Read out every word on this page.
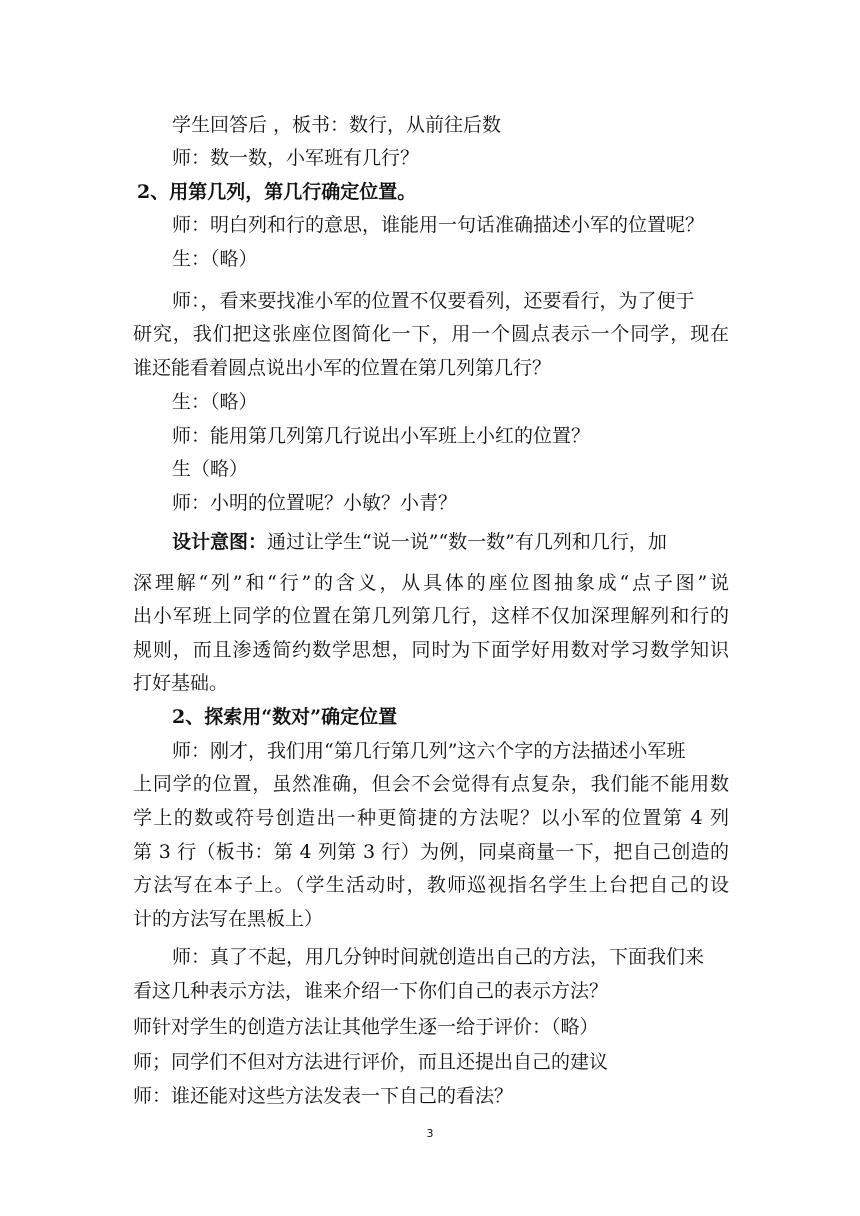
学生回答后 ，板书：数行，从前往后数
师：数一数，小军班有几行？
2、用第几列，第几行确定位置。
师：明白列和行的意思，谁能用一句话准确描述小军的位置呢？
生：（略）
师：，看来要找准小军的位置不仅要看列，还要看行，为了便于
研究，我们把这张座位图简化一下，用一个圆点表示一个同学，现在
谁还能看着圆点说出小军的位置在第几列第几行？
生：（略）
师：能用第几列第几行说出小军班上小红的位置？
生（略）
师：小明的位置呢？小敏？小青？
设计意图：通过让学生“说一说”“数一数”有几列和几行，加
深理解“列”和“行”的含义，从具体的座位图抽象成“点子图”说
出小军班上同学的位置在第几列第几行，这样不仅加深理解列和行的
规则，而且渗透简约数学思想，同时为下面学好用数对学习数学知识
打好基础。
2、探索用“数对”确定位置
师：刚才，我们用“第几行第几列”这六个字的方法描述小军班
上同学的位置，虽然准确，但会不会觉得有点复杂，我们能不能用数
学上的数或符号创造出一种更简捷的方法呢？以小军的位置第 4 列
第 3 行（板书：第 4 列第 3 行）为例，同桌商量一下，把自己创造的
方法写在本子上。（学生活动时，教师巡视指名学生上台把自己的设
计的方法写在黑板上）
师：真了不起，用几分钟时间就创造出自己的方法，下面我们来
看这几种表示方法，谁来介绍一下你们自己的表示方法？
师针对学生的创造方法让其他学生逐一给于评价：（略）
师；同学们不但对方法进行评价，而且还提出自己的建议
师：谁还能对这些方法发表一下自己的看法？
3
